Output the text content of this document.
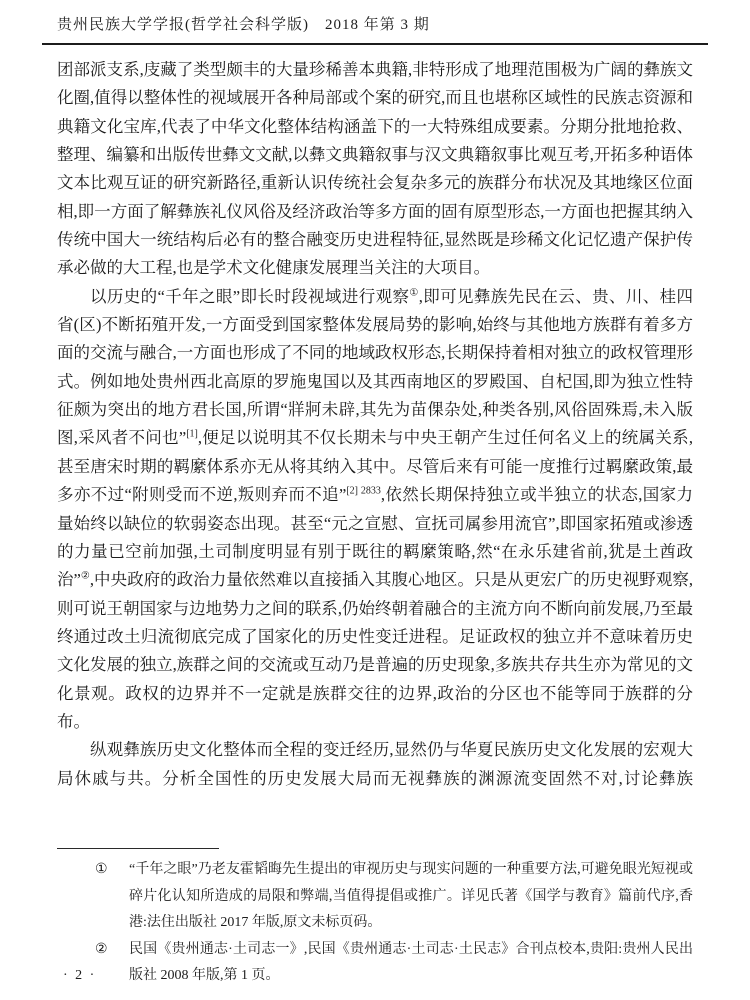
贵州民族大学学报(哲学社会科学版)　2018 年第 3 期

团部派支系,庋藏了类型颇丰的大量珍稀善本典籍,非特形成了地理范围极为广阔的彝族文化圈,值得以整体性的视域展开各种局部或个案的研究,而且也堪称区域性的民族志资源和典籍文化宝库,代表了中华文化整体结构涵盖下的一大特殊组成要素。分期分批地抢救、整理、编纂和出版传世彝文文献,以彝文典籍叙事与汉文典籍叙事比观互考,开拓多种语体文本比观互证的研究新路径,重新认识传统社会复杂多元的族群分布状况及其地缘区位面相,即一方面了解彝族礼仪风俗及经济政治等多方面的固有原型形态,一方面也把握其纳入传统中国大一统结构后必有的整合融变历史进程特征,显然既是珍稀文化记忆遗产保护传承必做的大工程,也是学术文化健康发展理当关注的大项目。

以历史的“千年之眼”即长时段视域进行观察①,即可见彝族先民在云、贵、川、桂四省(区)不断拓殖开发,一方面受到国家整体发展局势的影响,始终与其他地方族群有着多方面的交流与融合,一方面也形成了不同的地域政权形态,长期保持着相对独立的政权管理形式。例如地处贵州西北高原的罗施鬼国以及其西南地区的罗殿国、自杞国,即为独立性特征颇为突出的地方君长国,所谓“牂牁未辟,其先为苗倮杂处,种类各别,风俗固殊焉,未入版图,采风者不问也”[1],便足以说明其不仅长期未与中央王朝产生过任何名义上的统属关系,甚至唐宋时期的羁縻体系亦无从将其纳入其中。尽管后来有可能一度推行过羁縻政策,最多亦不过“附则受而不逆,叛则弃而不追”$^{[2] 2833}$,依然长期保持独立或半独立的状态,国家力量始终以缺位的软弱姿态出现。甚至“元之宣慰、宣抚司属参用流官”,即国家拓殖或渗透的力量已空前加强,土司制度明显有别于既往的羁縻策略,然“在永乐建省前,犹是土酋政治”②,中央政府的政治力量依然难以直接插入其腹心地区。只是从更宏广的历史视野观察,则可说王朝国家与边地势力之间的联系,仍始终朝着融合的主流方向不断向前发展,乃至最终通过改土归流彻底完成了国家化的历史性变迁进程。足证政权的独立并不意味着历史文化发展的独立,族群之间的交流或互动乃是普遍的历史现象,多族共存共生亦为常见的文化景观。政权的边界并不一定就是族群交往的边界,政治的分区也不能等同于族群的分布。

纵观彝族历史文化整体而全程的变迁经历,显然仍与华夏民族历史文化发展的宏观大局休戚与共。分析全国性的历史发展大局而无视彝族的渊源流变固然不对,讨论彝族

①	“千年之眼”乃老友霍韬晦先生提出的审视历史与现实问题的一种重要方法,可避免眼光短视或碎片化认知所造成的局限和弊端,当值得提倡或推广。详见氏著《国学与教育》篇前代序,香港:法住出版社 2017 年版,原文未标页码。
②	民国《贵州通志·土司志一》,民国《贵州通志·土司志·土民志》合刊点校本,贵阳:贵州人民出版社 2008 年版,第 1 页。
· 2 ·
